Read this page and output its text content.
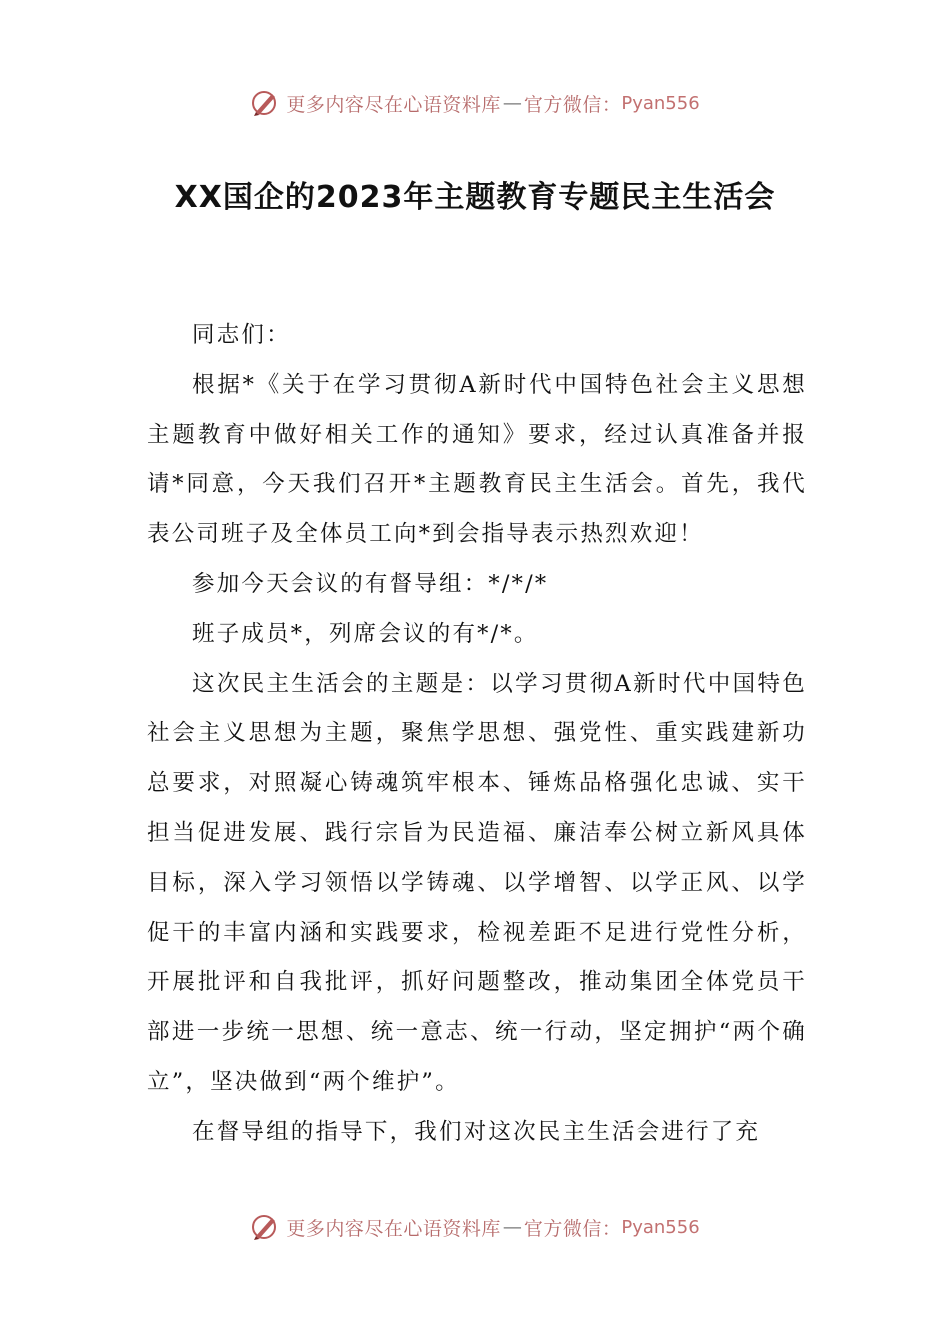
更多内容尽在心语资料库 — 官方微信： Pyan556
XX国企的2023年主题教育专题民主生活会

同志们：

根据*《关于在学习贯彻A新时代中国特色社会主义思想主题教育中做好相关工作的通知》要求，经过认真准备并报请*同意，今天我们召开*主题教育民主生活会。首先，我代表公司班子及全体员工向*到会指导表示热烈欢迎！

参加今天会议的有督导组：*/*/*

班子成员*，列席会议的有*/*。

这次民主生活会的主题是：以学习贯彻A新时代中国特色社会主义思想为主题，聚焦学思想、强党性、重实践建新功总要求，对照凝心铸魂筑牢根本、锤炼品格强化忠诚、实干担当促进发展、践行宗旨为民造福、廉洁奉公树立新风具体目标，深入学习领悟以学铸魂、以学增智、以学正风、以学促干的丰富内涵和实践要求，检视差距不足进行党性分析，开展批评和自我批评，抓好问题整改，推动集团全体党员干部进一步统一思想、统一意志、统一行动，坚定拥护“两个确立”，坚决做到“两个维护”。

在督导组的指导下，我们对这次民主生活会进行了充

更多内容尽在心语资料库 — 官方微信： Pyan556
